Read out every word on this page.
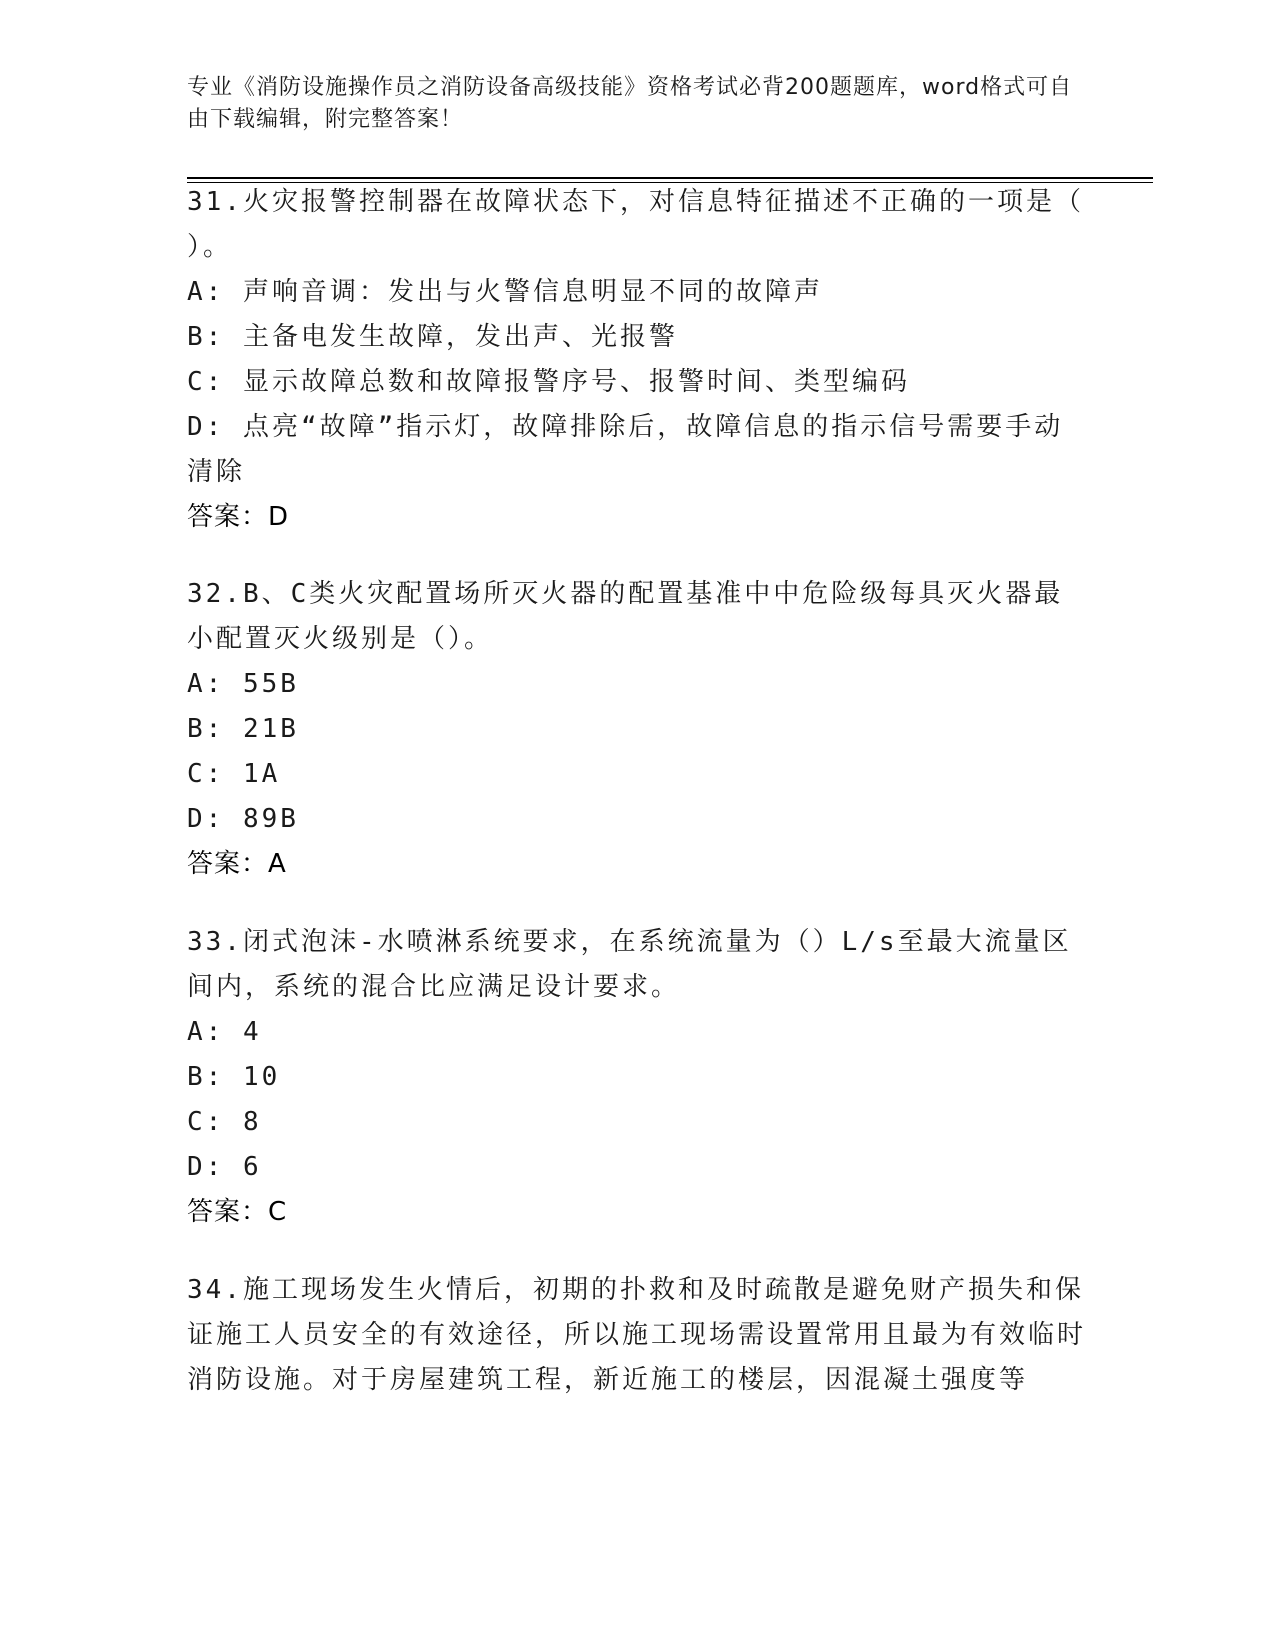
专业《消防设施操作员之消防设备高级技能》资格考试必背200题题库，word格式可自由下载编辑，附完整答案！

31.火灾报警控制器在故障状态下，对信息特征描述不正确的一项是（ ）。

A: 声响音调：发出与火警信息明显不同的故障声

B: 主备电发生故障，发出声、光报警

C: 显示故障总数和故障报警序号、报警时间、类型编码

D: 点亮“故障”指示灯，故障排除后，故障信息的指示信号需要手动清除

答案：D

32.B、C类火灾配置场所灭火器的配置基准中中危险级每具灭火器最小配置灭火级别是（）。

A: 55B

B: 21B

C: 1A

D: 89B

答案：A

33.闭式泡沫-水喷淋系统要求，在系统流量为（）L/s至最大流量区间内，系统的混合比应满足设计要求。

A: 4

B: 10

C: 8

D: 6

答案：C

34.施工现场发生火情后，初期的扑救和及时疏散是避免财产损失和保证施工人员安全的有效途径，所以施工现场需设置常用且最为有效临时消防设施。对于房屋建筑工程，新近施工的楼层，因混凝土强度等
